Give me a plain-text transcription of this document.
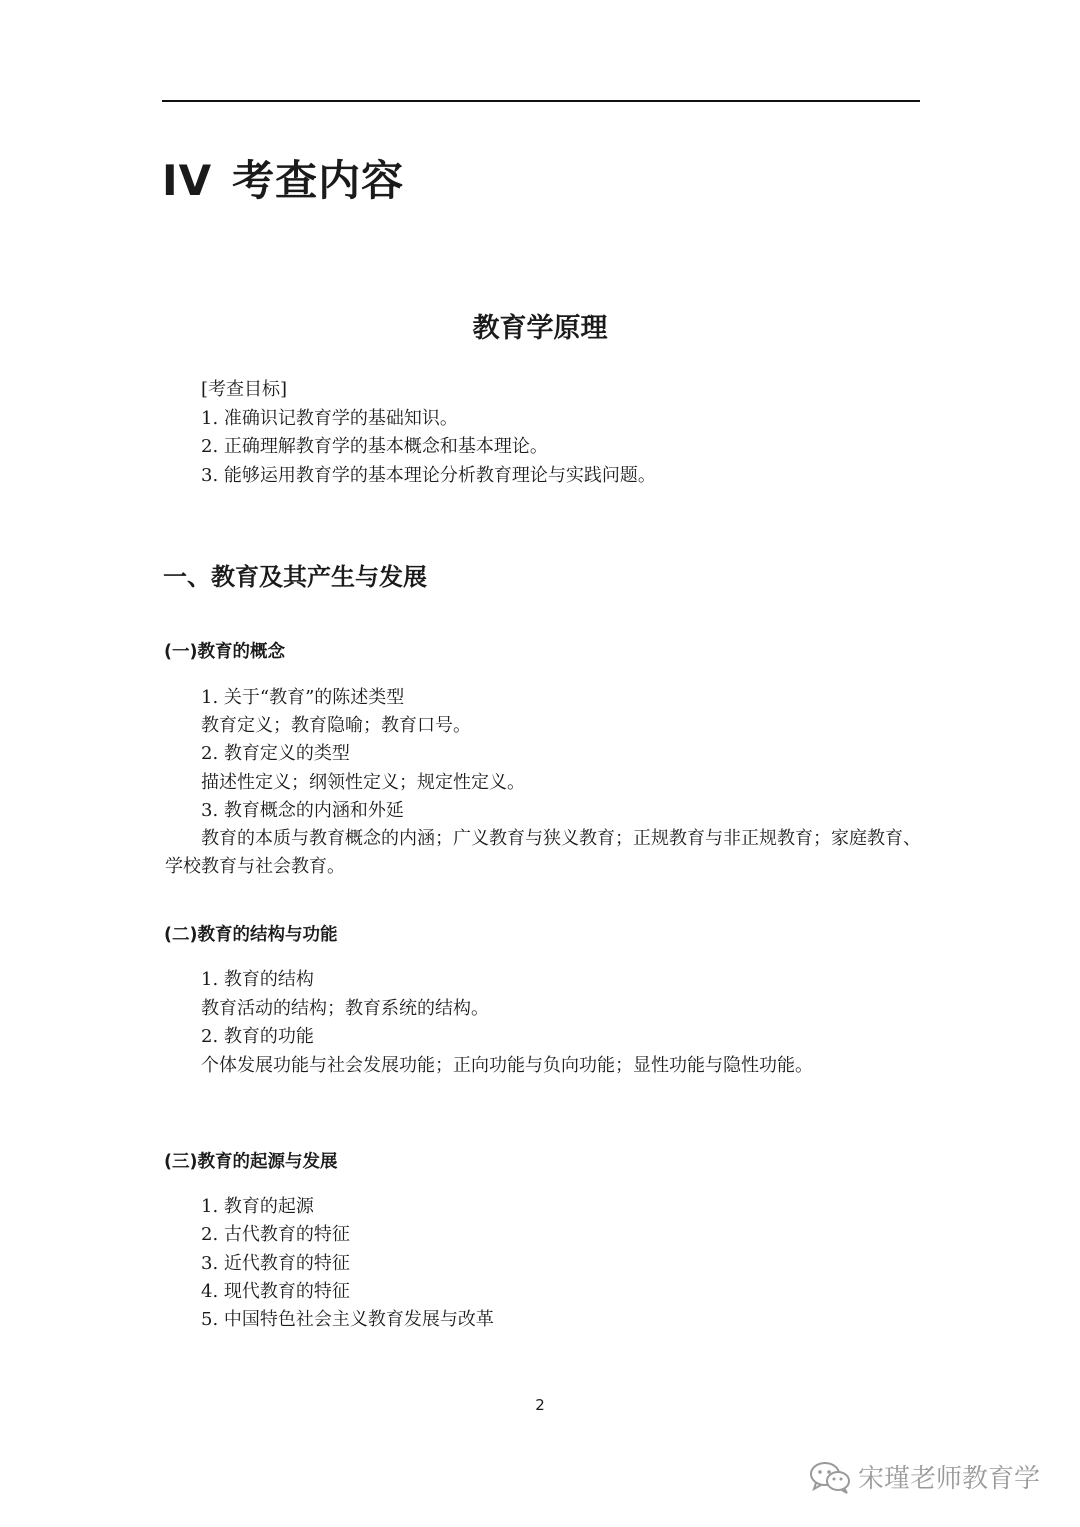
IV 考查内容
教育学原理
[考查目标]
1. 准确识记教育学的基础知识。
2. 正确理解教育学的基本概念和基本理论。
3. 能够运用教育学的基本理论分析教育理论与实践问题。
一、教育及其产生与发展
(一)教育的概念
1. 关于“教育”的陈述类型
教育定义；教育隐喻；教育口号。
2. 教育定义的类型
描述性定义；纲领性定义；规定性定义。
3. 教育概念的内涵和外延

教育的本质与教育概念的内涵；广义教育与狭义教育；正规教育与非正规教育；家庭教育、学校教育与社会教育。

(二)教育的结构与功能
1. 教育的结构
教育活动的结构；教育系统的结构。
2. 教育的功能
个体发展功能与社会发展功能；正向功能与负向功能；显性功能与隐性功能。
(三)教育的起源与发展
1. 教育的起源
2. 古代教育的特征
3. 近代教育的特征
4. 现代教育的特征
5. 中国特色社会主义教育发展与改革
2
宋瑾老师教育学
